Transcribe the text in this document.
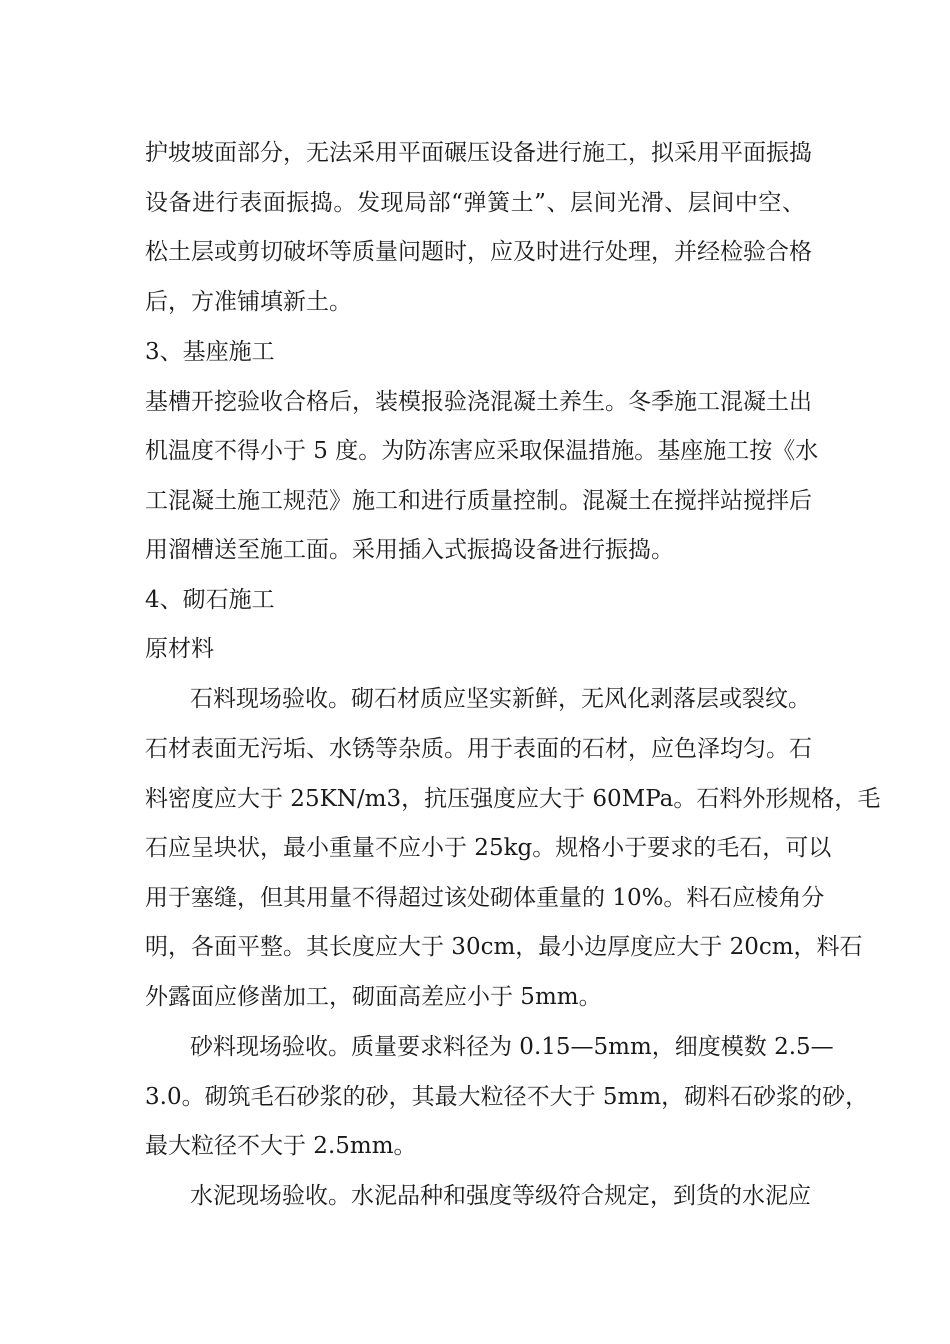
护坡坡面部分，无法采用平面碾压设备进行施工，拟采用平面振捣
设备进行表面振捣。发现局部“弹簧土”、层间光滑、层间中空、
松土层或剪切破坏等质量问题时，应及时进行处理，并经检验合格
后，方准铺填新土。
3、基座施工
基槽开挖验收合格后，装模报验浇混凝土养生。冬季施工混凝土出
机温度不得小于 5 度。为防冻害应采取保温措施。基座施工按《水
工混凝土施工规范》施工和进行质量控制。混凝土在搅拌站搅拌后
用溜槽送至施工面。采用插入式振捣设备进行振捣。
4、砌石施工
原材料
石料现场验收。砌石材质应坚实新鲜，无风化剥落层或裂纹。
石材表面无污垢、水锈等杂质。用于表面的石材，应色泽均匀。石
料密度应大于 25KN/m3，抗压强度应大于 60MPa。石料外形规格，毛
石应呈块状，最小重量不应小于 25kg。规格小于要求的毛石，可以
用于塞缝，但其用量不得超过该处砌体重量的 10%。料石应棱角分
明，各面平整。其长度应大于 30cm，最小边厚度应大于 20cm，料石
外露面应修凿加工，砌面高差应小于 5mm。
砂料现场验收。质量要求料径为 0.15—5mm，细度模数 2.5—
3.0。砌筑毛石砂浆的砂，其最大粒径不大于 5mm，砌料石砂浆的砂，
最大粒径不大于 2.5mm。
水泥现场验收。水泥品种和强度等级符合规定，到货的水泥应
